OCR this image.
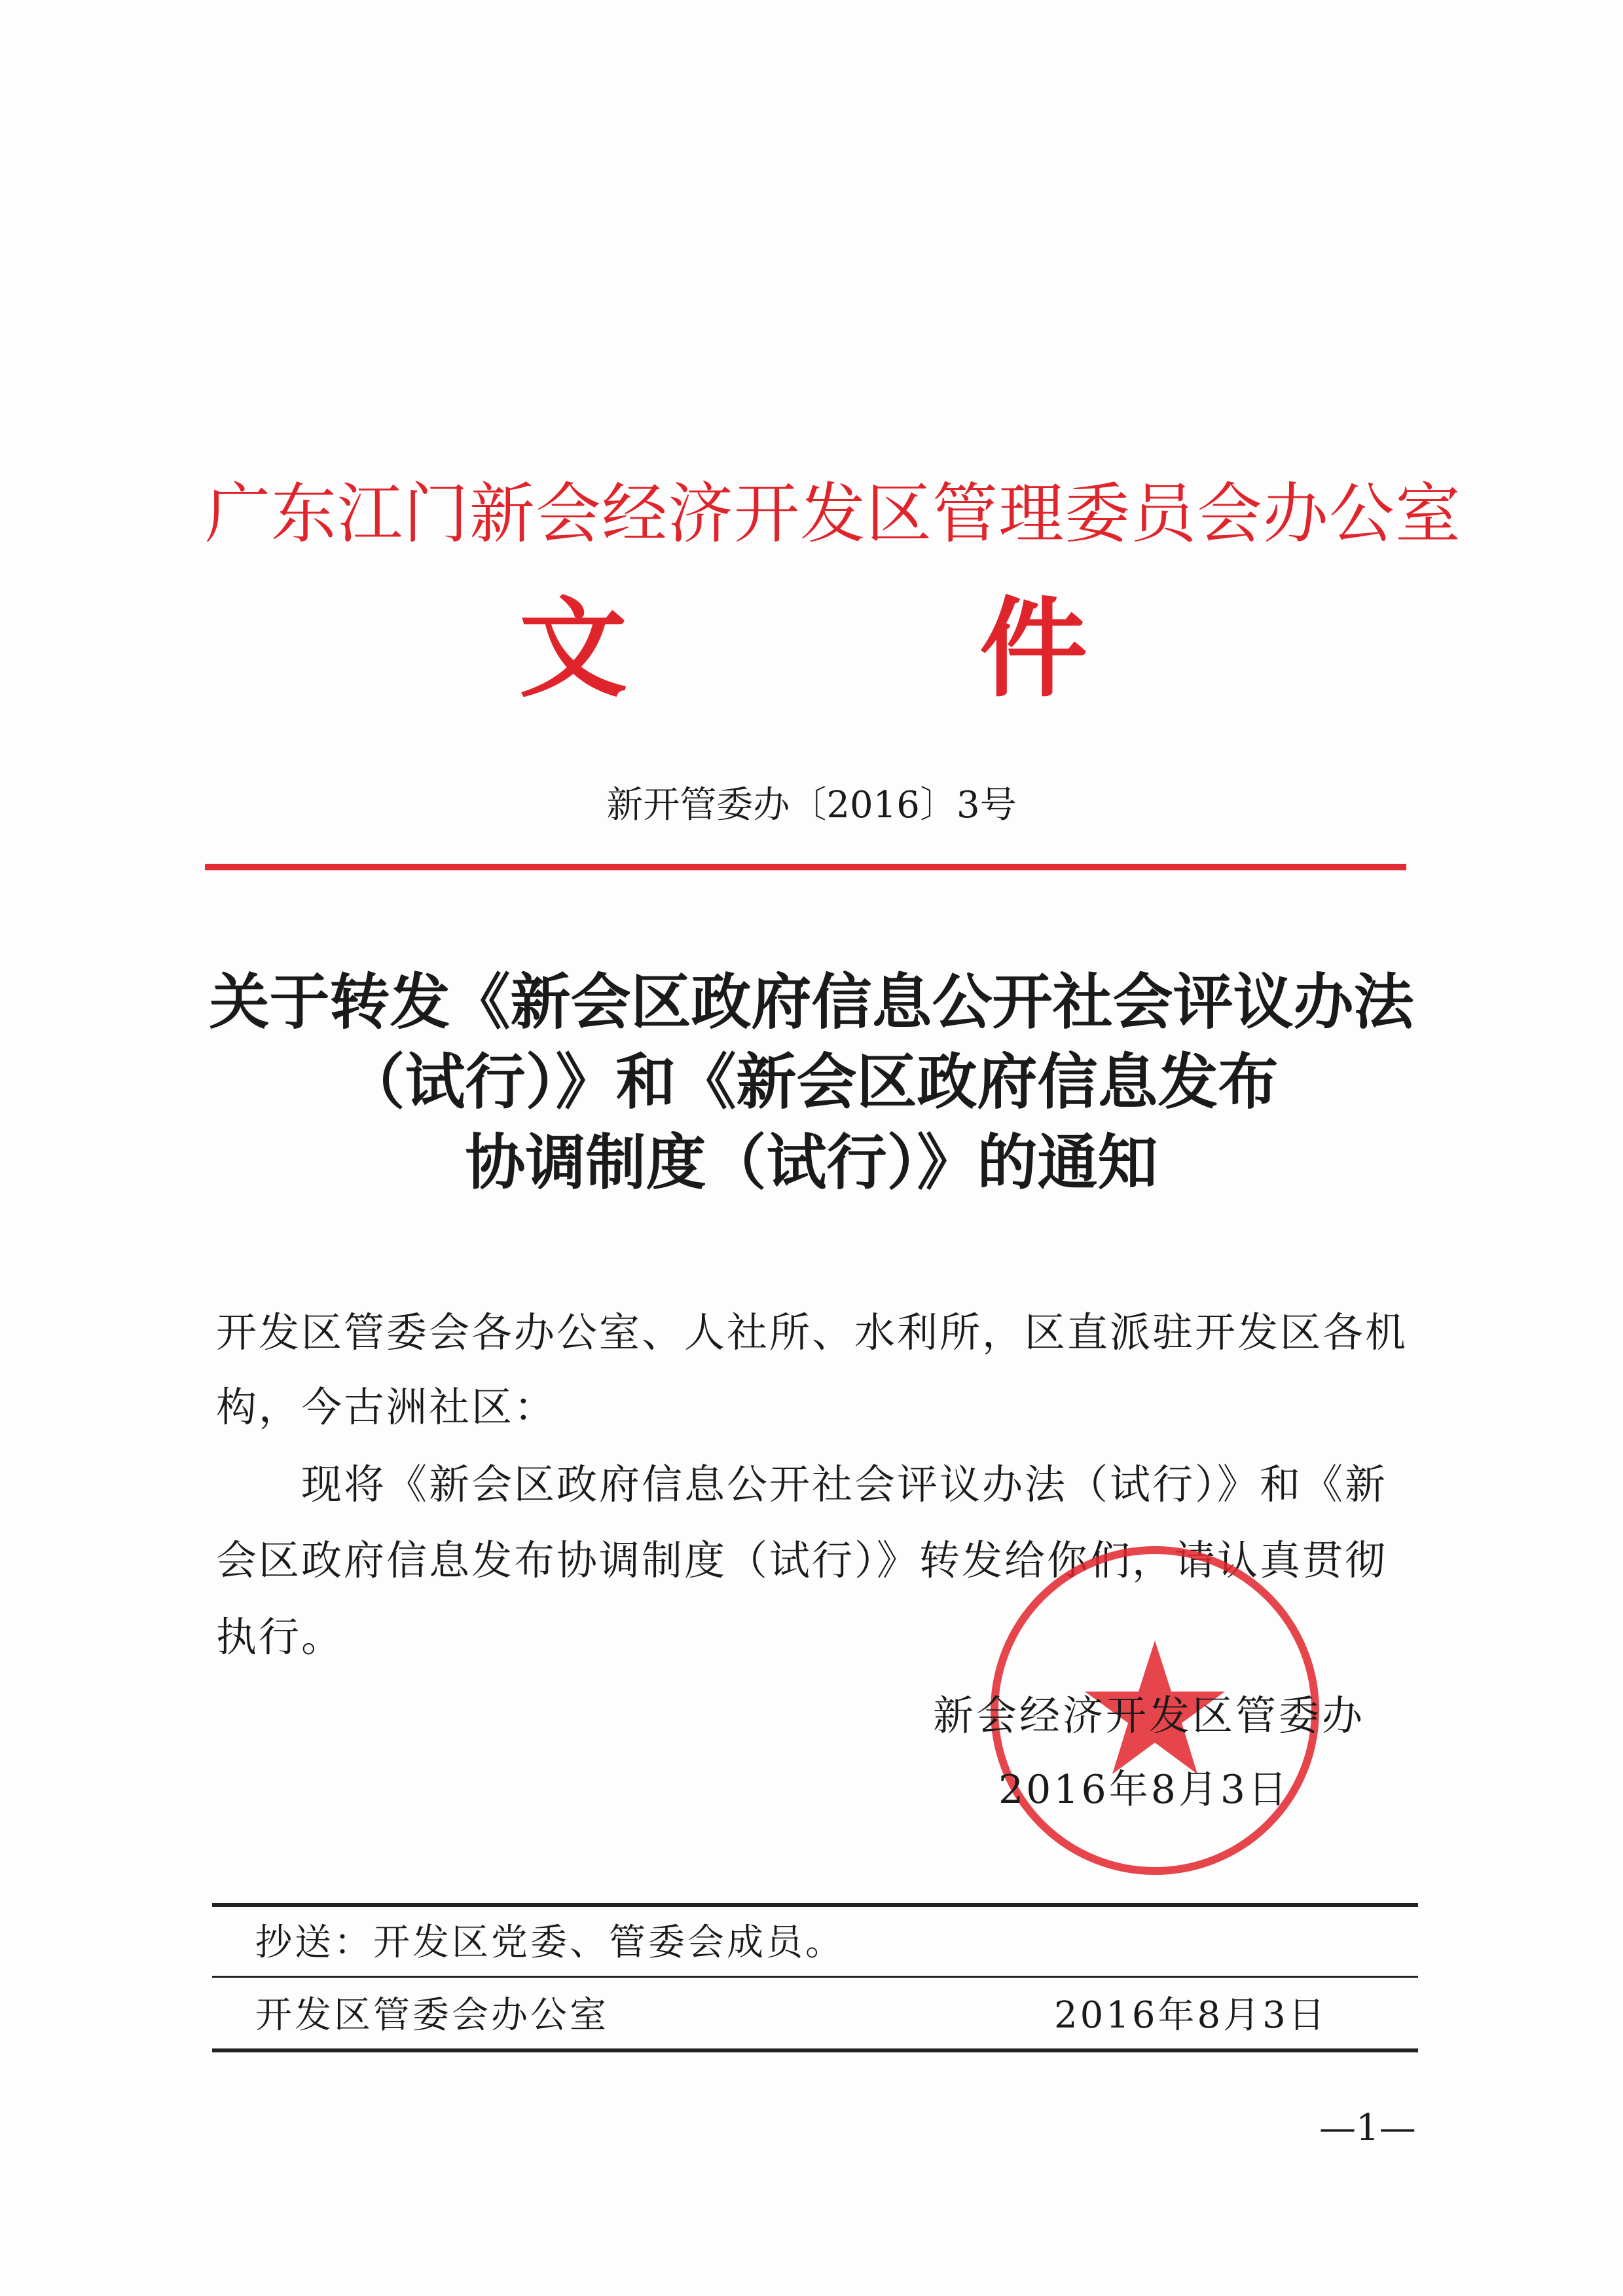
广东江门新会经济开发区管理委员会办公室
文	件
新开管委办〔2016〕3号
关于转发《新会区政府信息公开社会评议办法
（试行）》和《新会区政府信息发布
协调制度（试行）》的通知
开发区管委会各办公室、人社所、水利所，区直派驻开发区各机
构，今古洲社区：
　　现将《新会区政府信息公开社会评议办法（试行）》和《新
会区政府信息发布协调制度（试行）》转发给你们，请认真贯彻
执行。
新会经济开发区管委办
2016年8月3日
抄送：开发区党委、管委会成员。
开发区管委会办公室	2016年8月3日
—1—
